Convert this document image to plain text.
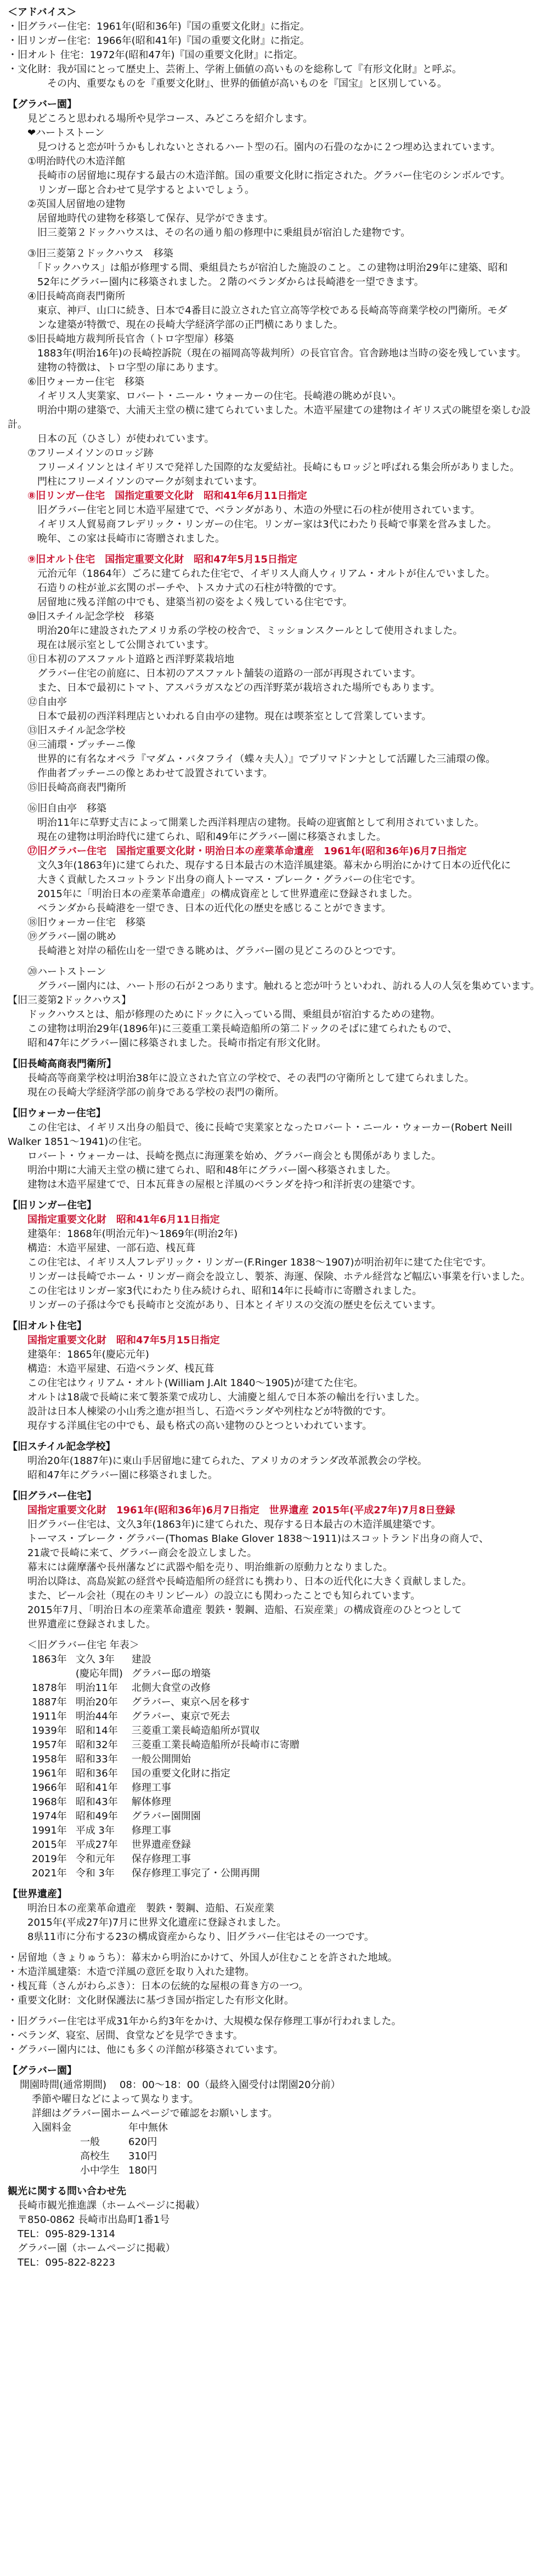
＜アドバイス＞
・旧グラバー住宅：1961年(昭和36年)『国の重要文化財』に指定。
・旧リンガー住宅：1966年(昭和41年)『国の重要文化財』に指定。
・旧オルト 住宅：1972年(昭和47年)『国の重要文化財』に指定。
・文化財：我が国にとって歴史上、芸術上、学術上価値の高いものを総称して『有形文化財』と呼ぶ。
　　　　その内、重要なものを『重要文化財』、世界的価値が高いものを『国宝』と区別している。
【グラバー園】
　　見どころと思われる場所や見学コース、みどころを紹介します。
　　❤ハートストーン
　　　見つけると恋が叶うかもしれないとされるハート型の石。園内の石畳のなかに２つ埋め込まれています。
　　①明治時代の木造洋館
　　　長崎市の居留地に現存する最古の木造洋館。国の重要文化財に指定された。グラバー住宅のシンボルです。
　　　リンガー邸と合わせて見学するとよいでしょう。
　　②英国人居留地の建物
　　　居留地時代の建物を移築して保存、見学ができます。
　　　旧三菱第２ドックハウスは、その名の通り船の修理中に乗組員が宿泊した建物です。
　　③旧三菱第２ドックハウス　移築
　　　「ドックハウス」は船が修理する間、乗組員たちが宿泊した施設のこと。この建物は明治29年に建築、昭和
　　　52年にグラバー園内に移築されました。２階のベランダからは長崎港を一望できます。
　　④旧長崎高商表門衛所
　　　東京、神戸、山口に続き、日本で4番目に設立された官立高等学校である長崎高等商業学校の門衛所。モダ
　　　ンな建築が特徴で、現在の長崎大学経済学部の正門横にありました。
　　⑤旧長崎地方裁判所長官舎（トロ字型扉）移築
　　　1883年(明治16年)の長崎控訴院（現在の福岡高等裁判所）の長官官舎。官舎跡地は当時の姿を残しています。
　　　建物の特徴は、トロ字型の扉にあります。
　　⑥旧ウォーカー住宅　移築
　　　イギリス人実業家、ロバート・ニール・ウォーカーの住宅。長崎港の眺めが良い。
　　　明治中期の建築で、大浦天主堂の横に建てられていました。木造平屋建ての建物はイギリス式の眺望を楽しむ設計。
　　　日本の瓦（ひさし）が使われています。
　　⑦フリーメイソンのロッジ跡
　　　フリーメイソンとはイギリスで発祥した国際的な友愛結社。長崎にもロッジと呼ばれる集会所がありました。
　　　門柱にフリーメイソンのマークが刻まれています。
　　⑧旧リンガー住宅　国指定重要文化財　昭和41年6月11日指定
　　　旧グラバー住宅と同じ木造平屋建てで、ベランダがあり、木造の外壁に石の柱が使用されています。
　　　イギリス人貿易商フレデリック・リンガーの住宅。リンガー家は3代にわたり長崎で事業を営みました。
　　　晩年、この家は長崎市に寄贈されました。
　　⑨旧オルト住宅　国指定重要文化財　昭和47年5月15日指定
　　　元治元年（1864年）ごろに建てられた住宅で、イギリス人商人ウィリアム・オルトが住んでいました。
　　　石造りの柱が並ぶ玄関のポーチや、トスカナ式の石柱が特徴的です。
　　　居留地に残る洋館の中でも、建築当初の姿をよく残している住宅です。
　　⑩旧スチイル記念学校　移築
　　　明治20年に建設されたアメリカ系の学校の校舎で、ミッションスクールとして使用されました。
　　　現在は展示室として公開されています。
　　⑪日本初のアスファルト道路と西洋野菜栽培地
　　　グラバー住宅の前庭に、日本初のアスファルト舗装の道路の一部が再現されています。
　　　また、日本で最初にトマト、アスパラガスなどの西洋野菜が栽培された場所でもあります。
　　⑫自由亭
　　　日本で最初の西洋料理店といわれる自由亭の建物。現在は喫茶室として営業しています。
　　⑬旧スチイル記念学校
　　⑭三浦環・プッチーニ像
　　　世界的に有名なオペラ『マダム・バタフライ（蝶々夫人）』でプリマドンナとして活躍した三浦環の像。
　　　作曲者プッチーニの像とあわせて設置されています。
　　⑮旧長崎高商表門衛所
　　⑯旧自由亭　移築
　　　明治11年に草野丈吉によって開業した西洋料理店の建物。長崎の迎賓館として利用されていました。
　　　現在の建物は明治時代に建てられ、昭和49年にグラバー園に移築されました。
　　⑰旧グラバー住宅　国指定重要文化財・明治日本の産業革命遺産　1961年(昭和36年)6月7日指定
　　　文久3年(1863年)に建てられた、現存する日本最古の木造洋風建築。幕末から明治にかけて日本の近代化に
　　　大きく貢献したスコットランド出身の商人トーマス・ブレーク・グラバーの住宅です。
　　　2015年に「明治日本の産業革命遺産」の構成資産として世界遺産に登録されました。
　　　ベランダから長崎港を一望でき、日本の近代化の歴史を感じることができます。
　　⑱旧ウォーカー住宅　移築
　　⑲グラバー園の眺め
　　　長崎港と対岸の稲佐山を一望できる眺めは、グラバー園の見どころのひとつです。
　　⑳ハートストーン
　　　グラバー園内には、ハート形の石が２つあります。触れると恋が叶うといわれ、訪れる人の人気を集めています。
【旧三菱第2ドックハウス】
　　ドックハウスとは、船が修理のためにドックに入っている間、乗組員が宿泊するための建物。
　　この建物は明治29年(1896年)に三菱重工業長崎造船所の第二ドックのそばに建てられたもので、
　　昭和47年にグラバー園に移築されました。長崎市指定有形文化財。
【旧長崎高商表門衛所】
　　長崎高等商業学校は明治38年に設立された官立の学校で、その表門の守衛所として建てられました。
　　現在の長崎大学経済学部の前身である学校の表門の衛所。
【旧ウォーカー住宅】
　　この住宅は、イギリス出身の船員で、後に長崎で実業家となったロバート・ニール・ウォーカー(Robert Neill Walker 1851〜1941)の住宅。
　　ロバート・ウォーカーは、長崎を拠点に海運業を始め、グラバー商会とも関係がありました。
　　明治中期に大浦天主堂の横に建てられ、昭和48年にグラバー園へ移築されました。
　　建物は木造平屋建てで、日本瓦葺きの屋根と洋風のベランダを持つ和洋折衷の建築です。
【旧リンガー住宅】
　　国指定重要文化財　昭和41年6月11日指定
　　建築年：1868年(明治元年)〜1869年(明治2年)
　　構造：木造平屋建、一部石造、桟瓦葺
　　この住宅は、イギリス人フレデリック・リンガー(F.Ringer 1838〜1907)が明治初年に建てた住宅です。
　　リンガーは長崎でホーム・リンガー商会を設立し、製茶、海運、保険、ホテル経営など幅広い事業を行いました。
　　この住宅はリンガー家3代にわたり住み続けられ、昭和14年に長崎市に寄贈されました。
　　リンガーの子孫は今でも長崎市と交流があり、日本とイギリスの交流の歴史を伝えています。
【旧オルト住宅】
　　国指定重要文化財　昭和47年5月15日指定
　　建築年：1865年(慶応元年)
　　構造：木造平屋建、石造ベランダ、桟瓦葺
　　この住宅はウィリアム・オルト(William J.Alt 1840〜1905)が建てた住宅。
　　オルトは18歳で長崎に来て製茶業で成功し、大浦慶と組んで日本茶の輸出を行いました。
　　設計は日本人棟梁の小山秀之進が担当し、石造ベランダや列柱などが特徴的です。
　　現存する洋風住宅の中でも、最も格式の高い建物のひとつといわれています。
【旧スチイル記念学校】
　　明治20年(1887年)に東山手居留地に建てられた、アメリカのオランダ改革派教会の学校。
　　昭和47年にグラバー園に移築されました。
【旧グラバー住宅】
　　国指定重要文化財　1961年(昭和36年)6月7日指定　世界遺産 2015年(平成27年)7月8日登録
　　旧グラバー住宅は、文久3年(1863年)に建てられた、現存する日本最古の木造洋風建築です。
　　トーマス・ブレーク・グラバー(Thomas Blake Glover 1838〜1911)はスコットランド出身の商人で、
　　21歳で長崎に来て、グラバー商会を設立しました。
　　幕末には薩摩藩や長州藩などに武器や船を売り、明治維新の原動力となりました。
　　明治以降は、高島炭鉱の経営や長崎造船所の経営にも携わり、日本の近代化に大きく貢献しました。
　　また、ビール会社（現在のキリンビール）の設立にも関わったことでも知られています。
　　2015年7月、「明治日本の産業革命遺産 製鉄・製鋼、造船、石炭産業」の構成資産のひとつとして
　　世界遺産に登録されました。
　　＜旧グラバー住宅 年表＞
1863年	文久 3年	建設
	(慶応年間)	グラバー邸の増築
1878年	明治11年	北側大食堂の改修
1887年	明治20年	グラバー、東京へ居を移す
1911年	明治44年	グラバー、東京で死去
1939年	昭和14年	三菱重工業長崎造船所が買収
1957年	昭和32年	三菱重工業長崎造船所が長崎市に寄贈
1958年	昭和33年	一般公開開始
1961年	昭和36年	国の重要文化財に指定
1966年	昭和41年	修理工事
1968年	昭和43年	解体修理
1974年	昭和49年	グラバー園開園
1991年	平成 3年	修理工事
2015年	平成27年	世界遺産登録
2019年	令和元年	保存修理工事
2021年	令和 3年	保存修理工事完了・公開再開
【世界遺産】
　　明治日本の産業革命遺産　製鉄・製鋼、造船、石炭産業
　　2015年(平成27年)7月に世界文化遺産に登録されました。
　　8県11市に分布する23の構成資産からなり、旧グラバー住宅はその一つです。
・居留地（きょりゅうち）：幕末から明治にかけて、外国人が住むことを許された地域。
・木造洋風建築：木造で洋風の意匠を取り入れた建物。
・桟瓦葺（さんがわらぶき）：日本の伝統的な屋根の葺き方の一つ。
・重要文化財：文化財保護法に基づき国が指定した有形文化財。
・旧グラバー住宅は平成31年から約3年をかけ、大規模な保存修理工事が行われました。
・ベランダ、寝室、居間、食堂などを見学できます。
・グラバー園内には、他にも多くの洋館が移築されています。
【グラバー園】
開園時間(通常期間) 08：00〜18：00（最終入園受付は閉園20分前）
季節や曜日などによって異なります。
詳細はグラバー園ホームページで確認をお願いします。
入園料金		年中無休
	一般	620円
	高校生	310円
	小中学生	180円
観光に関する問い合わせ先
　長崎市観光推進課（ホームページに掲載）
　〒850-0862 長崎市出島町1番1号
　TEL：095-829-1314
　グラバー園（ホームページに掲載）
　TEL：095-822-8223
